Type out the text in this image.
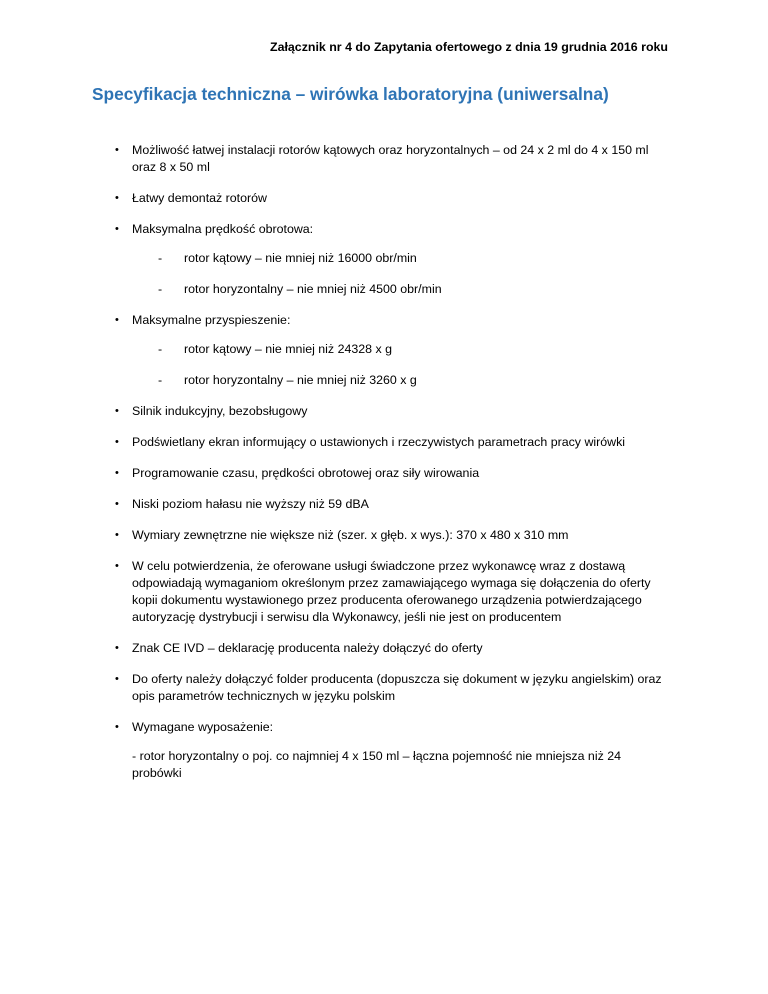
Załącznik nr 4 do Zapytania ofertowego z dnia 19 grudnia 2016 roku
Specyfikacja techniczna – wirówka laboratoryjna (uniwersalna)
• Możliwość łatwej instalacji rotorów kątowych oraz horyzontalnych – od 24 x 2 ml do 4 x 150 ml oraz 8 x 50 ml
• Łatwy demontaż rotorów
• Maksymalna prędkość obrotowa:
- rotor kątowy – nie mniej niż 16000 obr/min
- rotor horyzontalny – nie mniej niż 4500 obr/min
• Maksymalne przyspieszenie:
- rotor kątowy – nie mniej niż 24328 x g
- rotor horyzontalny – nie mniej niż 3260 x g
• Silnik indukcyjny, bezobsługowy
• Podświetlany ekran informujący o ustawionych i rzeczywistych parametrach pracy wirówki
• Programowanie czasu, prędkości obrotowej oraz siły wirowania
• Niski poziom hałasu nie wyższy niż 59 dBA
• Wymiary zewnętrzne nie większe niż (szer. x głęb. x wys.): 370 x 480 x 310 mm
• W celu potwierdzenia, że oferowane usługi świadczone przez wykonawcę wraz z dostawą odpowiadają wymaganiom określonym przez zamawiającego wymaga się dołączenia do oferty kopii dokumentu wystawionego przez producenta oferowanego urządzenia potwierdzającego autoryzację dystrybucji i serwisu dla Wykonawcy, jeśli nie jest on producentem
• Znak CE IVD – deklarację producenta należy dołączyć do oferty
• Do oferty należy dołączyć folder producenta (dopuszcza się dokument w języku angielskim) oraz opis parametrów technicznych w języku polskim
• Wymagane wyposażenie:
- rotor horyzontalny o poj. co najmniej 4 x 150 ml – łączna pojemność nie mniejsza niż 24 probówki
